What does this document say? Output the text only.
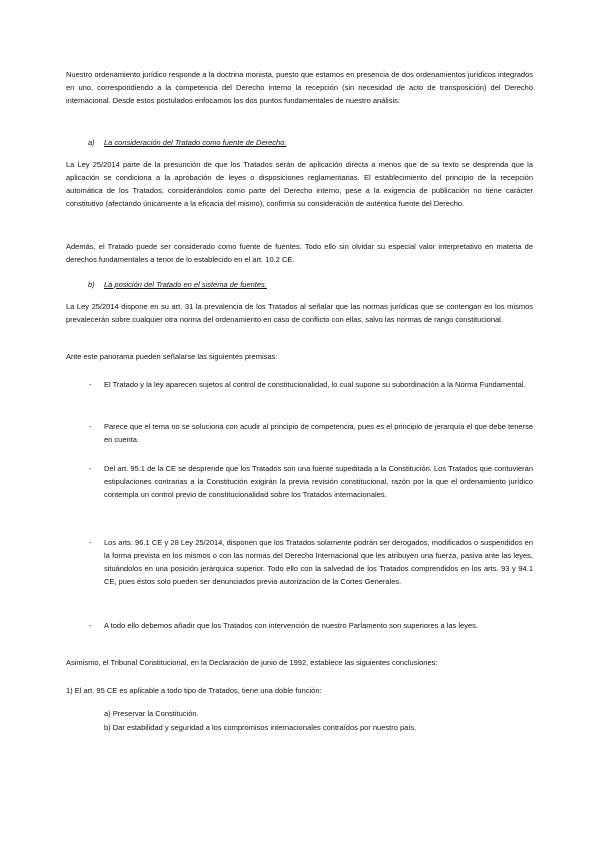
Nuestro ordenamiento jurídico responde a la doctrina monista, puesto que estamos en presencia de dos ordenamientos jurídicos integrados en uno, correspondiendo a la competencia del Derecho interno la recepción (sin necesidad de acto de transposición) del Derecho internacional. Desde estos postulados enfocamos los dos puntos fundamentales de nuestro análisis:

a) La consideración del Tratado como fuente de Derecho.

La Ley 25/2014 parte de la presunción de que los Tratados serán de aplicación directa a menos que de su texto se desprenda que la aplicación se condiciona a la aprobación de leyes o disposiciones reglamentarias. El establecimiento del principio de la recepción automática de los Tratados, considerándolos como parte del Derecho interno, pese a la exigencia de publicación no tiene carácter constitutivo (afectando únicamente a la eficacia del mismo), confirma su consideración de auténtica fuente del Derecho.

Además, el Tratado puede ser considerado como fuente de fuentes. Todo ello sin olvidar su especial valor interpretativo en materia de derechos fundamentales a tenor de lo establecido en el art. 10.2 CE.

b) La posición del Tratado en el sistema de fuentes.

La Ley 25/2014 dispone en su art. 31 la prevalencia de los Tratados al señalar que las normas jurídicas que se contengan en los mismos prevalecerán sobre cualquier otra norma del ordenamiento en caso de conflicto con ellas, salvo las normas de rango constitucional.

Ante este panorama pueden señalarse las siguientes premisas:

- El Tratado y la ley aparecen sujetos al control de constitucionalidad, lo cual supone su subordinación a la Norma Fundamental.

- Parece que el tema no se soluciona con acudir al principio de competencia, pues es el principio de jerarquía el que debe tenerse en cuenta.

- Del art. 95.1 de la CE se desprende que los Tratados son una fuente supeditada a la Constitución. Los Tratados que contuvieran estipulaciones contrarias a la Constitución exigirán la previa revisión constitucional, razón por la que el ordenamiento jurídico contempla un control previo de constitucionalidad sobre los Tratados internacionales.

- Los arts. 96.1 CE y 28 Ley 25/2014, disponen que los Tratados solamente podrán ser derogados, modificados o suspendidos en la forma prevista en los mismos o con las normas del Derecho Internacional que les atribuyen una fuerza, pasiva ante las leyes, situándolos en una posición jerárquica superior. Todo ello con la salvedad de los Tratados comprendidos en los arts. 93 y 94.1 CE, pues éstos solo pueden ser denunciados previa autorización de la Cortes Generales.

- A todo ello debemos añadir que los Tratados con intervención de nuestro Parlamento son superiores a las leyes.

Asimismo, el Tribunal Constitucional, en la Declaración de junio de 1992, establece las siguientes conclusiones:

1) El art. 95 CE es aplicable a todo tipo de Tratados, tiene una doble función:
a) Preservar la Constitución.
b) Dar estabilidad y seguridad a los compromisos internacionales contraídos por nuestro país.
